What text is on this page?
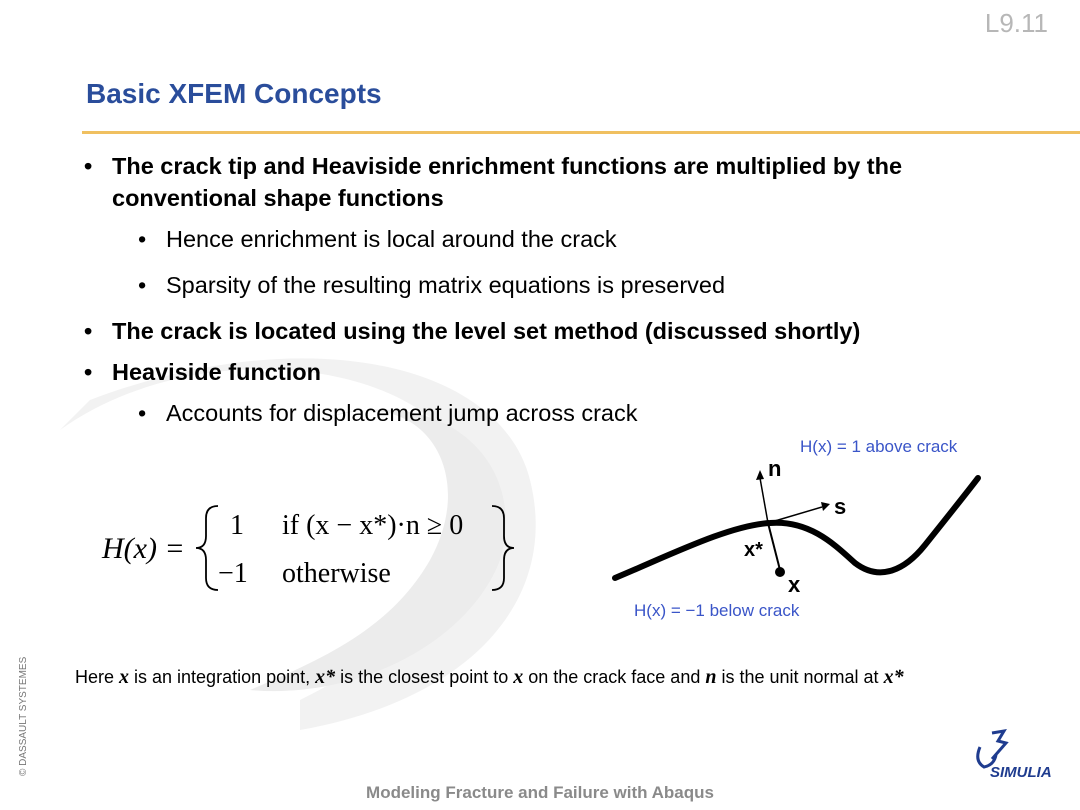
L9.11
Basic XFEM Concepts
• The crack tip and Heaviside enrichment functions are multiplied by the conventional shape functions
• Hence enrichment is local around the crack
• Sparsity of the resulting matrix equations is preserved
• The crack is located using the level set method (discussed shortly)
• Heaviside function
• Accounts for displacement jump across crack
H(x) =
1 if (x − x*)·n ≥ 0
−1 otherwise
H(x) = 1 above crack
n
s
x*
x
H(x) = −1 below crack
Here x is an integration point, x* is the closest point to x on the crack face and n is the unit normal at x*
© DASSAULT SYSTEMES
Modeling Fracture and Failure with Abaqus
SIMULIA
